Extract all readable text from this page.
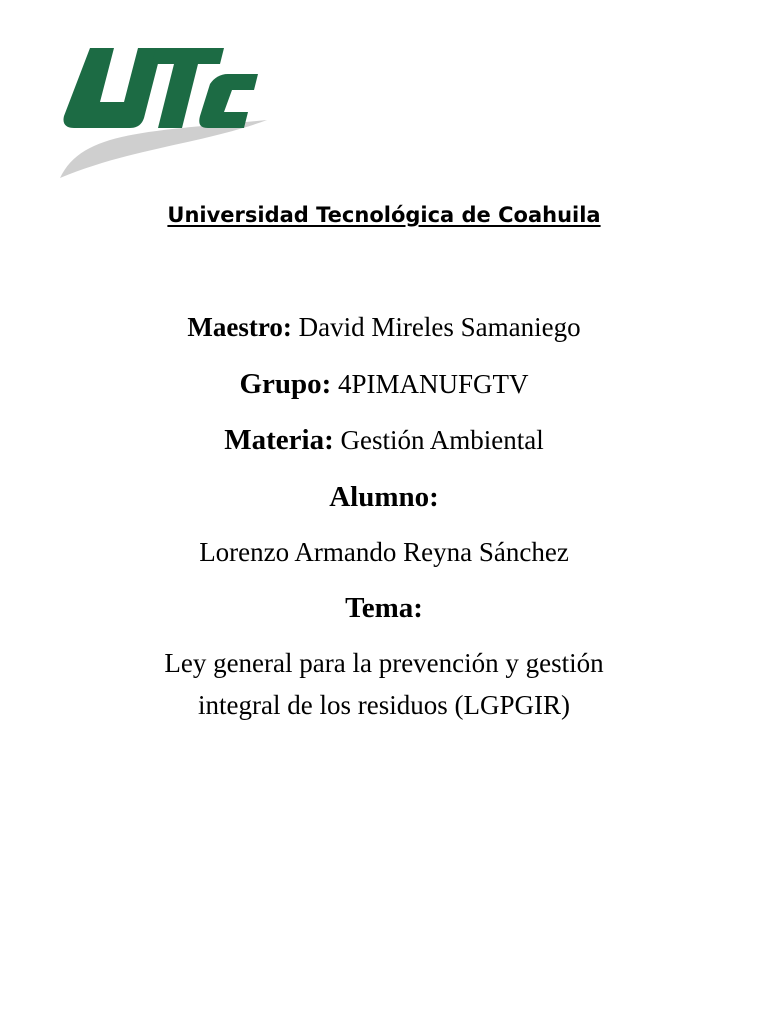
Universidad Tecnológica de Coahuila
Maestro: David Mireles Samaniego
Grupo: 4PIMANUFGTV
Materia: Gestión Ambiental
Alumno:
Lorenzo Armando Reyna Sánchez
Tema:
Ley general para la prevención y gestión
integral de los residuos (LGPGIR)
